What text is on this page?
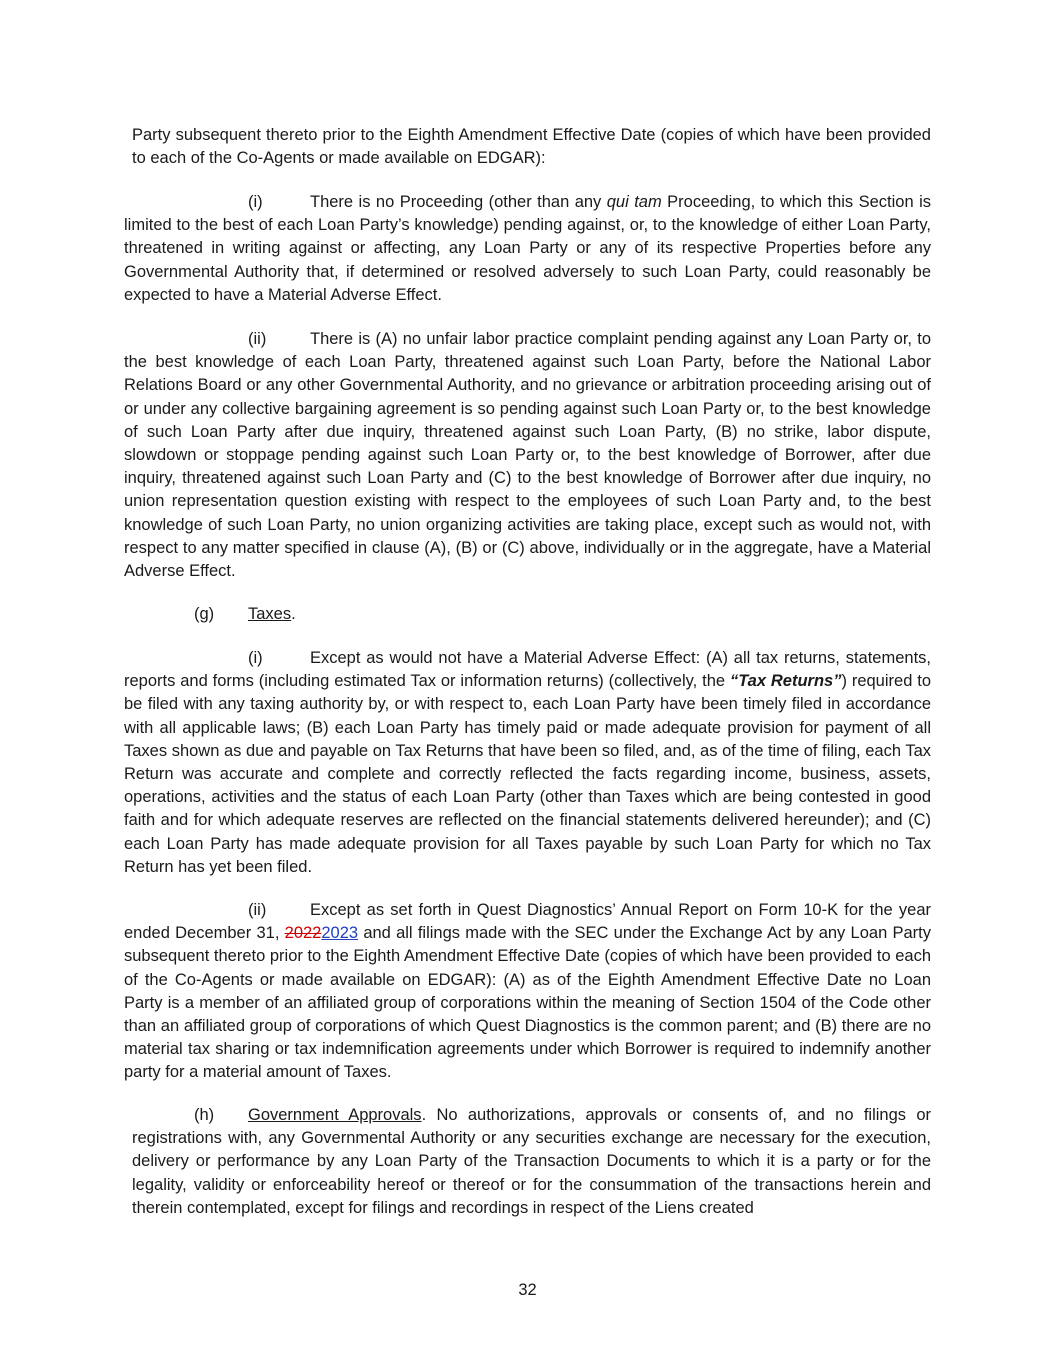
Party subsequent thereto prior to the Eighth Amendment Effective Date (copies of which have been provided to each of the Co-Agents or made available on EDGAR):

(i)	There is no Proceeding (other than any qui tam Proceeding, to which this Section is limited to the best of each Loan Party’s knowledge) pending against, or, to the knowledge of either Loan Party, threatened in writing against or affecting, any Loan Party or any of its respective Properties before any Governmental Authority that, if determined or resolved adversely to such Loan Party, could reasonably be expected to have a Material Adverse Effect.

(ii)	There is (A) no unfair labor practice complaint pending against any Loan Party or, to the best knowledge of each Loan Party, threatened against such Loan Party, before the National Labor Relations Board or any other Governmental Authority, and no grievance or arbitration proceeding arising out of or under any collective bargaining agreement is so pending against such Loan Party or, to the best knowledge of such Loan Party after due inquiry, threatened against such Loan Party, (B) no strike, labor dispute, slowdown or stoppage pending against such Loan Party or, to the best knowledge of Borrower, after due inquiry, threatened against such Loan Party and (C) to the best knowledge of Borrower after due inquiry, no union representation question existing with respect to the employees of such Loan Party and, to the best knowledge of such Loan Party, no union organizing activities are taking place, except such as would not, with respect to any matter specified in clause (A), (B) or (C) above, individually or in the aggregate, have a Material Adverse Effect.

(g) Taxes.

(i)	Except as would not have a Material Adverse Effect: (A) all tax returns, statements, reports and forms (including estimated Tax or information returns) (collectively, the “Tax Returns”) required to be filed with any taxing authority by, or with respect to, each Loan Party have been timely filed in accordance with all applicable laws; (B) each Loan Party has timely paid or made adequate provision for payment of all Taxes shown as due and payable on Tax Returns that have been so filed, and, as of the time of filing, each Tax Return was accurate and complete and correctly reflected the facts regarding income, business, assets, operations, activities and the status of each Loan Party (other than Taxes which are being contested in good faith and for which adequate reserves are reflected on the financial statements delivered hereunder); and (C) each Loan Party has made adequate provision for all Taxes payable by such Loan Party for which no Tax Return has yet been filed.

(ii)	Except as set forth in Quest Diagnostics’ Annual Report on Form 10-K for the year ended December 31, 20222023 and all filings made with the SEC under the Exchange Act by any Loan Party subsequent thereto prior to the Eighth Amendment Effective Date (copies of which have been provided to each of the Co-Agents or made available on EDGAR): (A) as of the Eighth Amendment Effective Date no Loan Party is a member of an affiliated group of corporations within the meaning of Section 1504 of the Code other than an affiliated group of corporations of which Quest Diagnostics is the common parent; and (B) there are no material tax sharing or tax indemnification agreements under which Borrower is required to indemnify another party for a material amount of Taxes.

(h) Government Approvals. No authorizations, approvals or consents of, and no filings or registrations with, any Governmental Authority or any securities exchange are necessary for the execution, delivery or performance by any Loan Party of the Transaction Documents to which it is a party or for the legality, validity or enforceability hereof or thereof or for the consummation of the transactions herein and therein contemplated, except for filings and recordings in respect of the Liens created

32
